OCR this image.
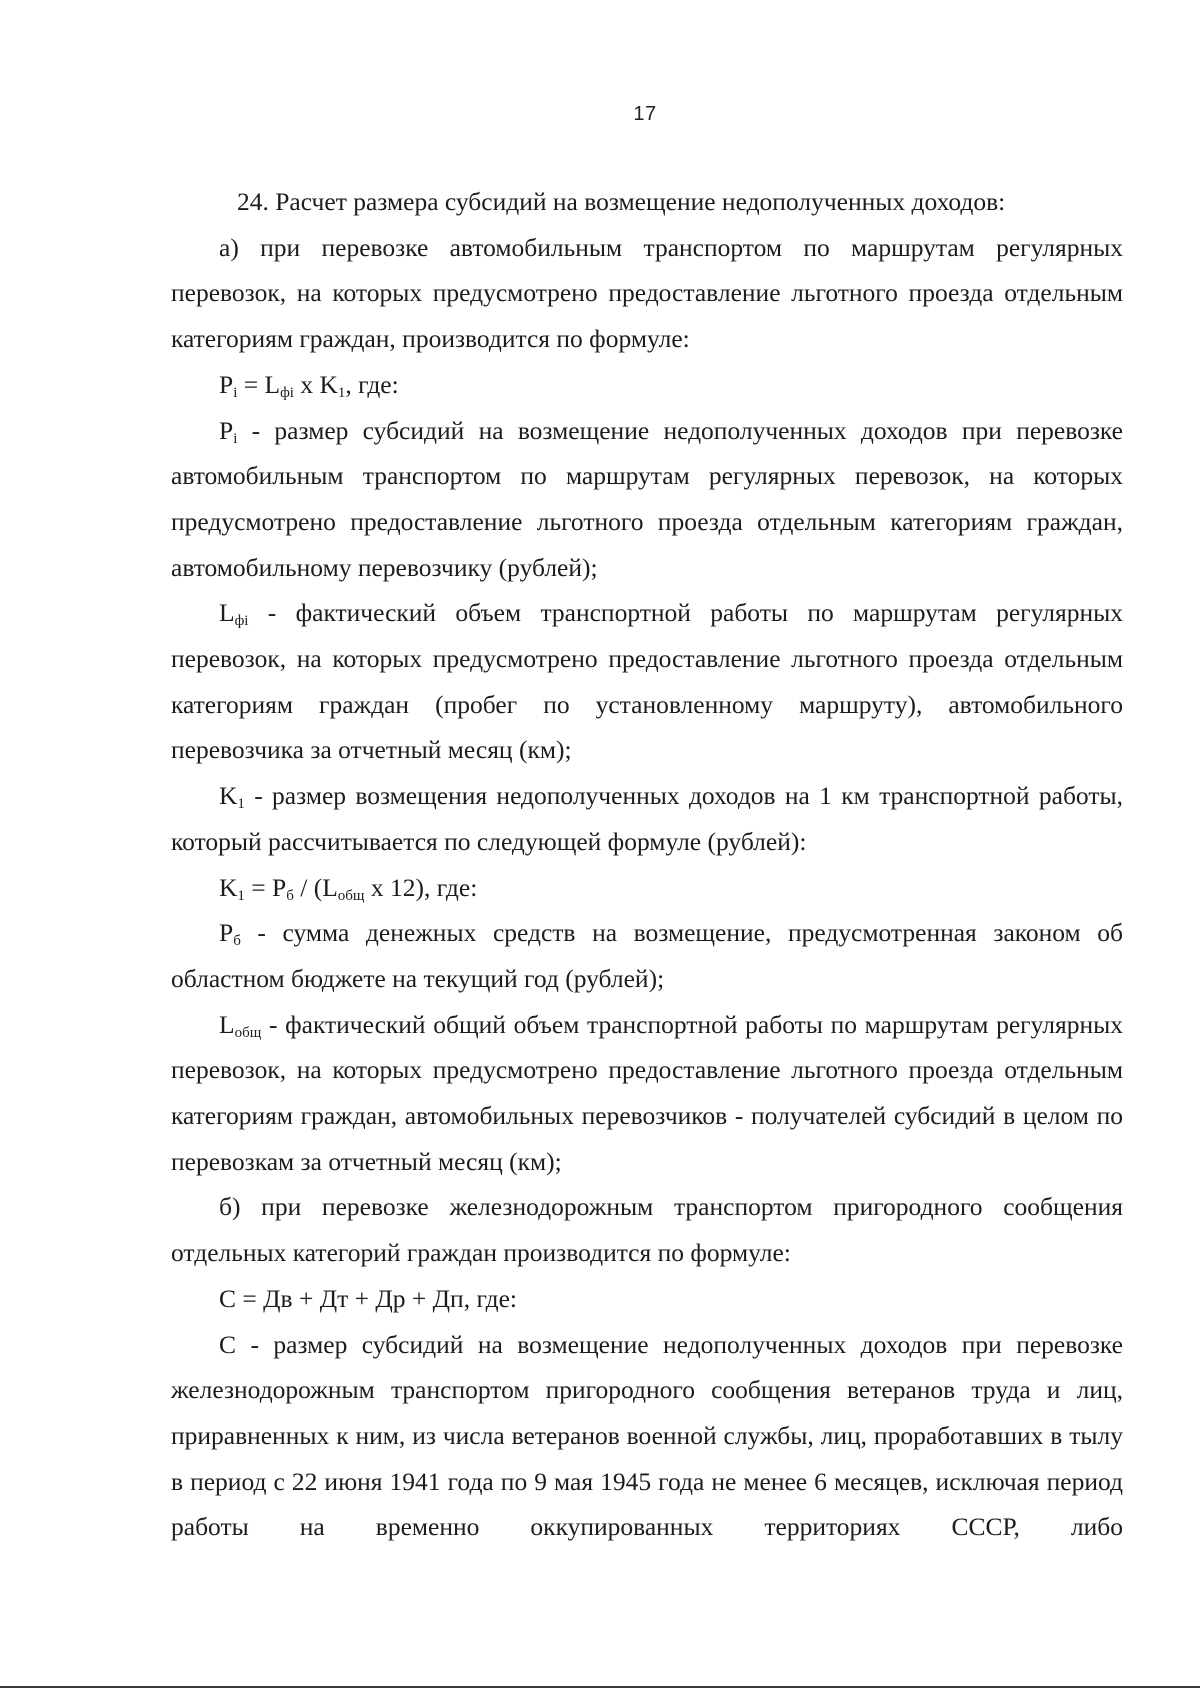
17

24. Расчет размера субсидий на возмещение недополученных доходов:

а) при перевозке автомобильным транспортом по маршрутам регулярных перевозок, на которых предусмотрено предоставление льготного проезда отдельным категориям граждан, производится по формуле:

$P_i = L_{фi}$ x $K_1$, где:

$P_i$ - размер субсидий на возмещение недополученных доходов при перевозке автомобильным транспортом по маршрутам регулярных перевозок, на которых предусмотрено предоставление льготного проезда отдельным категориям граждан, автомобильному перевозчику (рублей);

$L_{фi}$ - фактический объем транспортной работы по маршрутам регулярных перевозок, на которых предусмотрено предоставление льготного проезда отдельным категориям граждан (пробег по установленному маршруту), автомобильного перевозчика за отчетный месяц (км);

$K_1$ - размер возмещения недополученных доходов на 1 км транспортной работы, который рассчитывается по следующей формуле (рублей):

$K_1 = P_б / (L_{общ}$ x 12), где:

$P_б$ - сумма денежных средств на возмещение, предусмотренная законом об областном бюджете на текущий год (рублей);

$L_{общ}$ - фактический общий объем транспортной работы по маршрутам регулярных перевозок, на которых предусмотрено предоставление льготного проезда отдельным категориям граждан, автомобильных перевозчиков - получателей субсидий в целом по перевозкам за отчетный месяц (км);

б) при перевозке железнодорожным транспортом пригородного сообщения отдельных категорий граждан производится по формуле:

С = Дв + Дт + Др + Дп, где:

С - размер субсидий на возмещение недополученных доходов при перевозке железнодорожным транспортом пригородного сообщения ветеранов труда и лиц, приравненных к ним, из числа ветеранов военной службы, лиц, проработавших в тылу в период с 22 июня 1941 года по 9 мая 1945 года не менее 6 месяцев, исключая период работы на временно оккупированных территориях СССР, либо
